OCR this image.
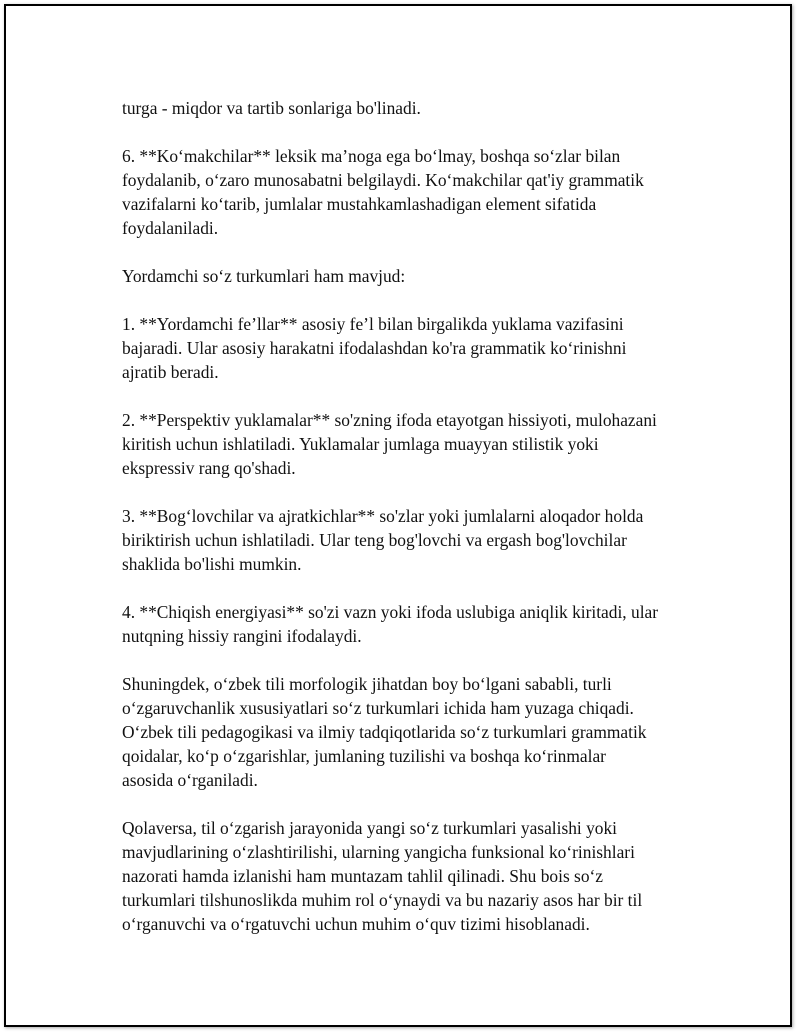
turga - miqdor va tartib sonlariga bo'linadi.

6. **Ko‘makchilar** leksik ma’noga ega bo‘lmay, boshqa so‘zlar bilan
foydalanib, o‘zaro munosabatni belgilaydi. Ko‘makchilar qat'iy grammatik
vazifalarni ko‘tarib, jumlalar mustahkamlashadigan element sifatida
foydalaniladi.

Yordamchi so‘z turkumlari ham mavjud:

1. **Yordamchi fe’llar** asosiy fe’l bilan birgalikda yuklama vazifasini
bajaradi. Ular asosiy harakatni ifodalashdan ko'ra grammatik ko‘rinishni
ajratib beradi.

2. **Perspektiv yuklamalar** so'zning ifoda etayotgan hissiyoti, mulohazani
kiritish uchun ishlatiladi. Yuklamalar jumlaga muayyan stilistik yoki
ekspressiv rang qo'shadi.

3. **Bog‘lovchilar va ajratkichlar** so'zlar yoki jumlalarni aloqador holda
biriktirish uchun ishlatiladi. Ular teng bog'lovchi va ergash bog'lovchilar
shaklida bo'lishi mumkin.

4. **Chiqish energiyasi** so'zi vazn yoki ifoda uslubiga aniqlik kiritadi, ular
nutqning hissiy rangini ifodalaydi.

Shuningdek, o‘zbek tili morfologik jihatdan boy bo‘lgani sababli, turli
o‘zgaruvchanlik xususiyatlari so‘z turkumlari ichida ham yuzaga chiqadi.
O‘zbek tili pedagogikasi va ilmiy tadqiqotlarida so‘z turkumlari grammatik
qoidalar, ko‘p o‘zgarishlar, jumlaning tuzilishi va boshqa ko‘rinmalar
asosida o‘rganiladi.

Qolaversa, til o‘zgarish jarayonida yangi so‘z turkumlari yasalishi yoki
mavjudlarining o‘zlashtirilishi, ularning yangicha funksional ko‘rinishlari
nazorati hamda izlanishi ham muntazam tahlil qilinadi. Shu bois so‘z
turkumlari tilshunoslikda muhim rol o‘ynaydi va bu nazariy asos har bir til
o‘rganuvchi va o‘rgatuvchi uchun muhim o‘quv tizimi hisoblanadi.
